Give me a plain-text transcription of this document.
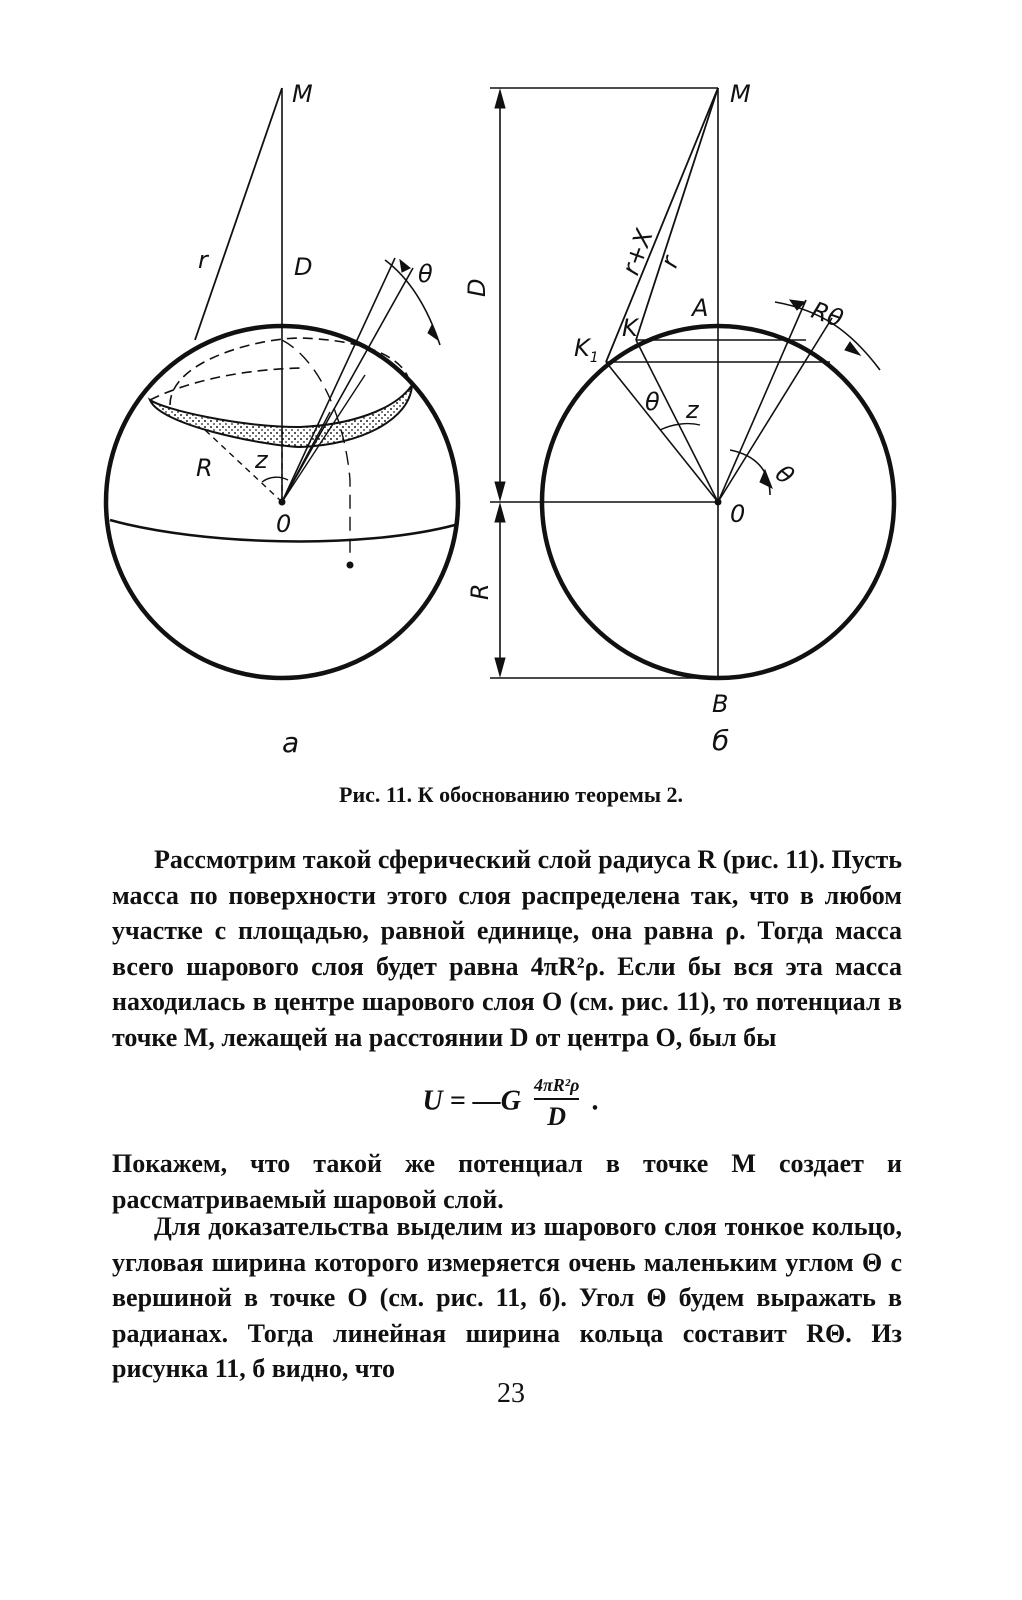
M
r	D	θ
R z
0
a
M
D
r+X
r
A
K
$K_1$
Rθ
θ z
θ
0
R
B
б
Рис. 11. К обоснованию теоремы 2.

Рассмотрим такой сферический слой радиуса R (рис. 11). Пусть масса по поверхности этого слоя распределена так, что в любом участке с площадью, равной единице, она равна ρ. Тогда масса всего шарового слоя будет равна 4πR²ρ. Если бы вся эта масса находилась в центре шарового слоя O (см. рис. 11), то потенциал в точке M, лежащей на расстоянии D от центра O, был бы

U = —G $\frac{\text{4πR²ρ}}{D}$ .

Покажем, что такой же потенциал в точке M создает и рассматриваемый шаровой слой.

Для доказательства выделим из шарового слоя тонкое кольцо, угловая ширина которого измеряется очень маленьким углом Θ с вершиной в точке O (см. рис. 11, б). Угол Θ будем выражать в радианах. Тогда линейная ширина кольца составит RΘ. Из рисунка 11, б видно, что

23
